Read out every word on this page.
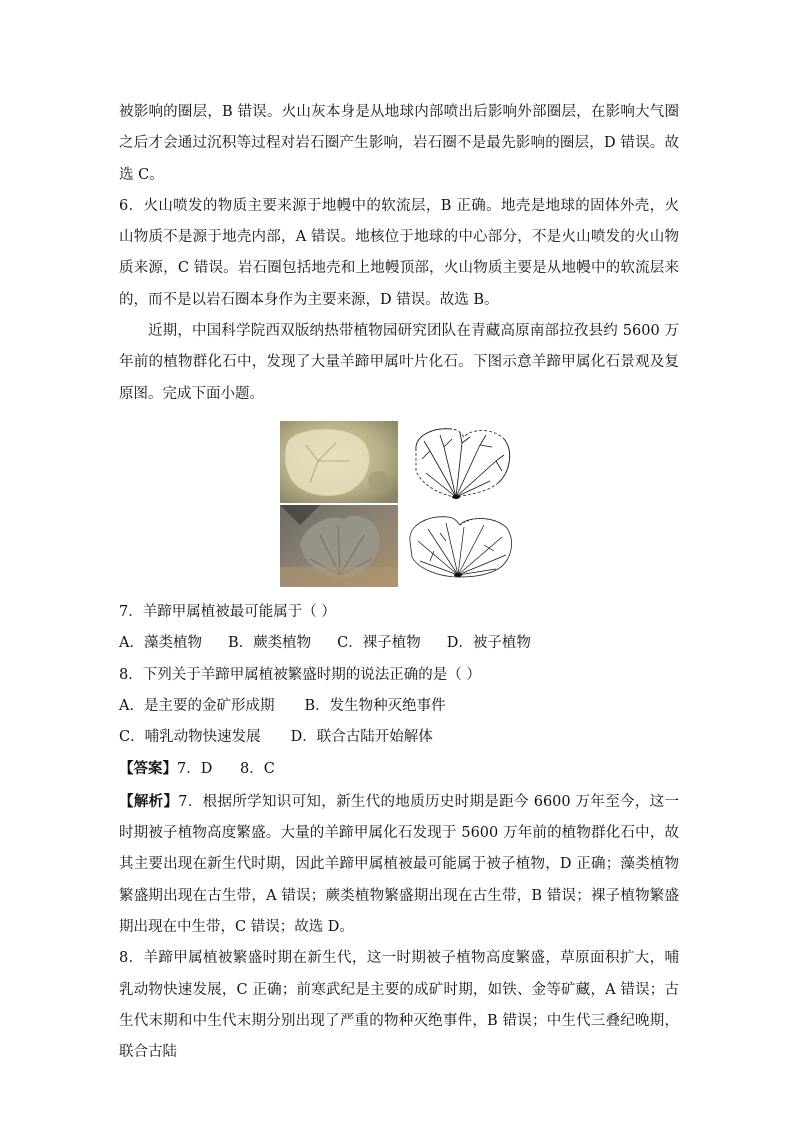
被影响的圈层，B 错误。火山灰本身是从地球内部喷出后影响外部圈层，在影响大气圈之后才会通过沉积等过程对岩石圈产生影响，岩石圈不是最先影响的圈层，D 错误。故选 C。

6．火山喷发的物质主要来源于地幔中的软流层，B 正确。地壳是地球的固体外壳，火山物质不是源于地壳内部，A 错误。地核位于地球的中心部分，不是火山喷发的火山物质来源，C 错误。岩石圈包括地壳和上地幔顶部，火山物质主要是从地幔中的软流层来的，而不是以岩石圈本身作为主要来源，D 错误。故选 B。

近期，中国科学院西双版纳热带植物园研究团队在青藏高原南部拉孜县约 5600 万年前的植物群化石中，发现了大量羊蹄甲属叶片化石。下图示意羊蹄甲属化石景观及复原图。完成下面小题。

7．羊蹄甲属植被最可能属于（ ）

A．藻类植物 B．蕨类植物 C．裸子植物 D．被子植物

8．下列关于羊蹄甲属植被繁盛时期的说法正确的是（ ）

A．是主要的金矿形成期 B．发生物种灭绝事件

C．哺乳动物快速发展 D．联合古陆开始解体

【答案】7．D      8．C

【解析】7．根据所学知识可知，新生代的地质历史时期是距今 6600 万年至今，这一时期被子植物高度繁盛。大量的羊蹄甲属化石发现于 5600 万年前的植物群化石中，故其主要出现在新生代时期，因此羊蹄甲属植被最可能属于被子植物，D 正确；藻类植物繁盛期出现在古生带，A 错误；蕨类植物繁盛期出现在古生带，B 错误；裸子植物繁盛期出现在中生带，C 错误；故选 D。

8．羊蹄甲属植被繁盛时期在新生代，这一时期被子植物高度繁盛，草原面积扩大，哺乳动物快速发展，C 正确；前寒武纪是主要的成矿时期，如铁、金等矿藏，A 错误；古生代末期和中生代末期分别出现了严重的物种灭绝事件，B 错误；中生代三叠纪晚期，联合古陆
